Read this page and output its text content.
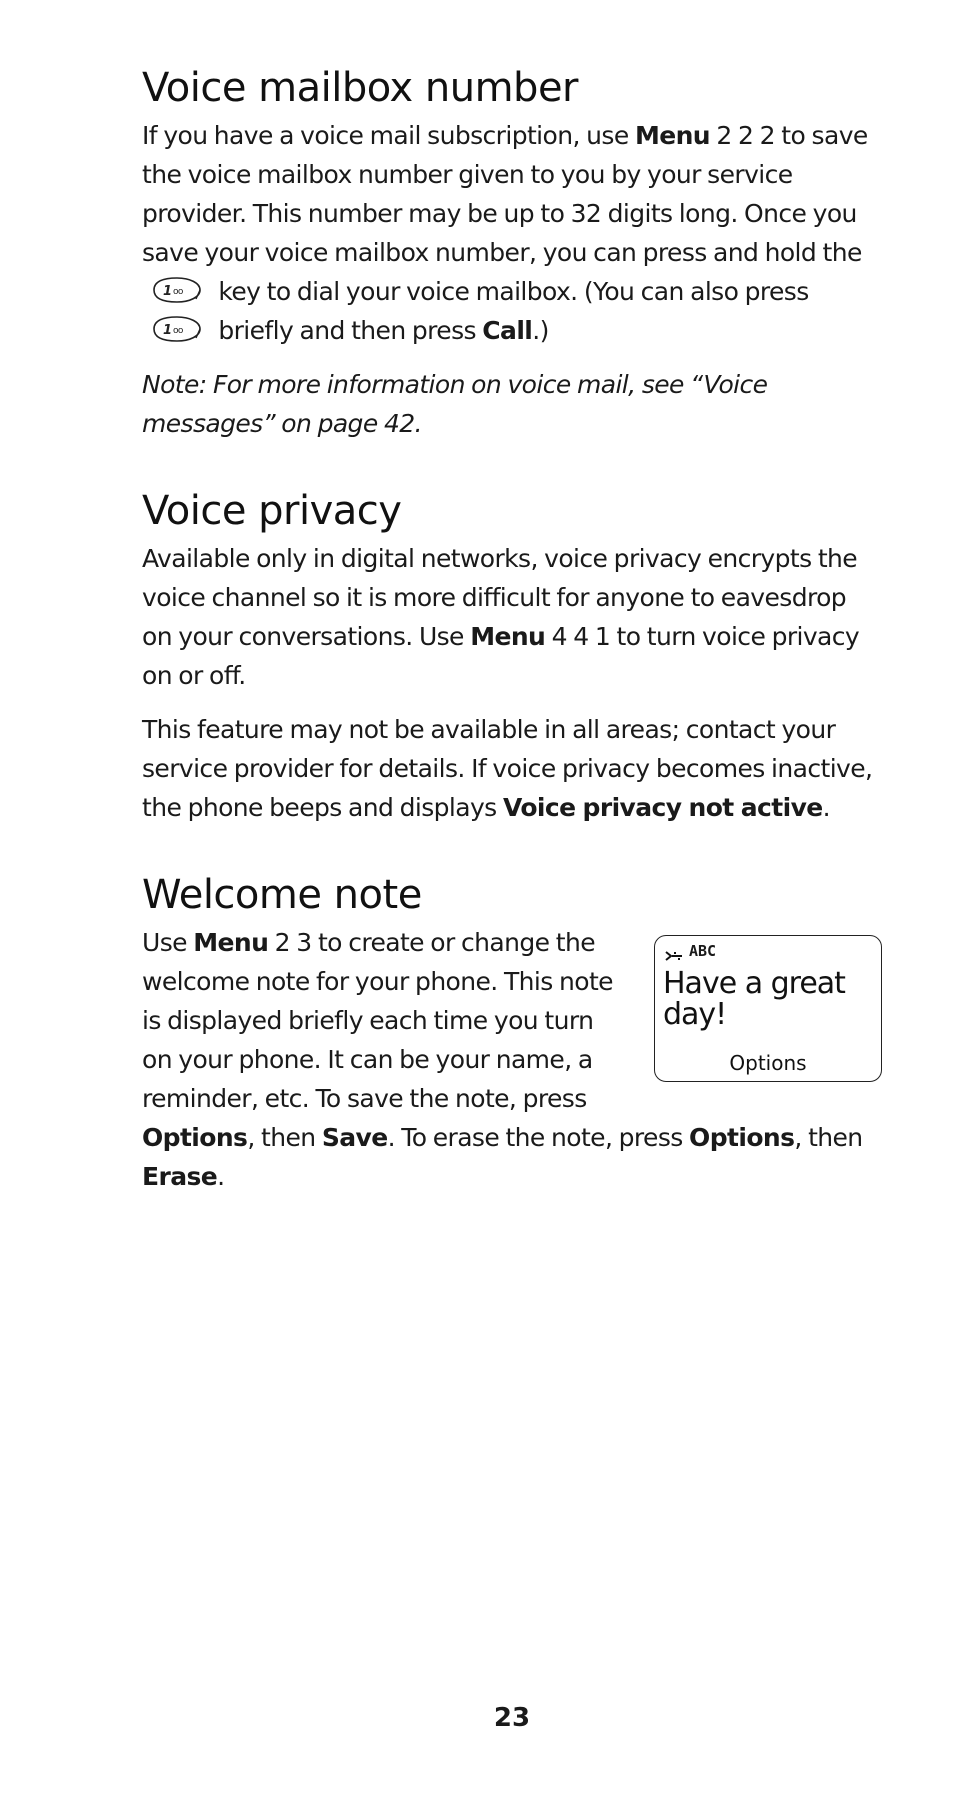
Voice mailbox number

If you have a voice mail subscription, use Menu 2 2 2 to save the voice mailbox number given to you by your service provider. This number may be up to 32 digits long. Once you save your voice mailbox number, you can press and hold the
1 oo key to dial your voice mailbox. (You can also press
1 oo briefly and then press Call.)

Note: For more information on voice mail, see “Voice messages” on page 42.

Voice privacy

Available only in digital networks, voice privacy encrypts the voice channel so it is more difficult for anyone to eavesdrop on your conversations. Use Menu 4 4 1 to turn voice privacy on or off.

This feature may not be available in all areas; contact your service provider for details. If voice privacy becomes inactive, the phone beeps and displays Voice privacy not active.

Welcome note
ABC
Have a great day!
Options

Use Menu 2 3 to create or change the welcome note for your phone. This note is displayed briefly each time you turn on your phone. It can be your name, a reminder, etc. To save the note, press Options, then Save. To erase the note, press Options, then Erase.

23
